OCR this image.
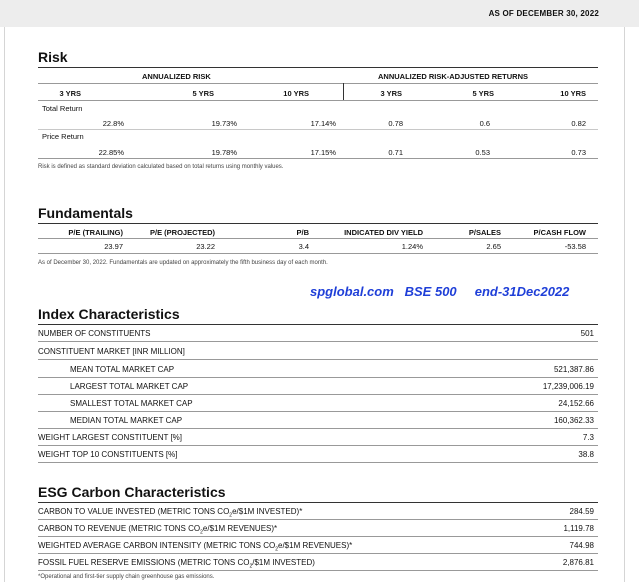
AS OF DECEMBER 30, 2022
Risk
ANNUALIZED RISK	ANNUALIZED RISK-ADJUSTED RETURNS
3 YRS	5 YRS	10 YRS	3 YRS	5 YRS	10 YRS
Total Return
22.8%	19.73%	17.14%	0.78	0.6	0.82
Price Return
22.85%	19.78%	17.15%	0.71	0.53	0.73
Risk is defined as standard deviation calculated based on total returns using monthly values.
Fundamentals
P/E (TRAILING)	P/E (PROJECTED)	P/B	INDICATED DIV YIELD	P/SALES	P/CASH FLOW
23.97	23.22	3.4	1.24%	2.65	-53.58
As of December 30, 2022. Fundamentals are updated on approximately the fifth business day of each month.
spglobal.com   BSE 500     end-31Dec2022
Index Characteristics
NUMBER OF CONSTITUENTS	501
CONSTITUENT MARKET [INR MILLION]
MEAN TOTAL MARKET CAP	521,387.86
LARGEST TOTAL MARKET CAP	17,239,006.19
SMALLEST TOTAL MARKET CAP	24,152.66
MEDIAN TOTAL MARKET CAP	160,362.33
WEIGHT LARGEST CONSTITUENT [%]	7.3
WEIGHT TOP 10 CONSTITUENTS [%]	38.8
ESG Carbon Characteristics
CARBON TO VALUE INVESTED (METRIC TONS $CO_2e/\$1M$ INVESTED)*	284.59
CARBON TO REVENUE (METRIC TONS $CO_2e/\$1M$ REVENUES)*	1,119.78
WEIGHTED AVERAGE CARBON INTENSITY (METRIC TONS $CO_2e/\$1M$ REVENUES)*	744.98
FOSSIL FUEL RESERVE EMISSIONS (METRIC TONS $CO_2/\$1M$ INVESTED)	2,876.81
*Operational and first-tier supply chain greenhouse gas emissions.
